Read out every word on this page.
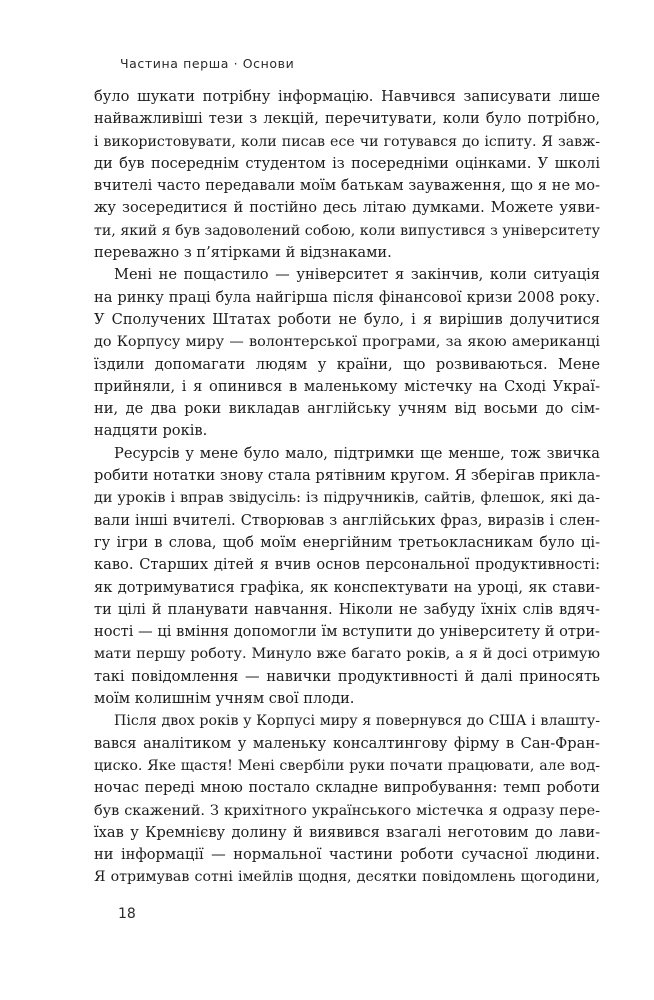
Частина перша · Основи
було шукати потрібну інформацію. Навчився записувати лише
найважливіші тези з лекцій, перечитувати, коли було потрібно,
і використовувати, коли писав есе чи готувався до іспиту. Я завж-
ди був посереднім студентом із посередніми оцінками. У школі
вчителі часто передавали моїм батькам зауваження, що я не мо-
жу зосередитися й постійно десь літаю думками. Можете уяви-
ти, який я був задоволений собою, коли випустився з університету
переважно з п’ятірками й відзнаками.
Мені не пощастило — університет я закінчив, коли ситуація
на ринку праці була найгірша після фінансової кризи 2008 року.
У Сполучених Штатах роботи не було, і я вирішив долучитися
до Корпусу миру — волонтерської програми, за якою американці
їздили допомагати людям у країни, що розвиваються. Мене
прийняли, і я опинився в маленькому містечку на Сході Украї-
ни, де два роки викладав англійську учням від восьми до сім-
надцяти років.
Ресурсів у мене було мало, підтримки ще менше, тож звичка
робити нотатки знову стала рятівним кругом. Я зберігав прикла-
ди уроків і вправ звідусіль: із підручників, сайтів, флешок, які да-
вали інші вчителі. Створював з англійських фраз, виразів і слен-
гу ігри в слова, щоб моїм енергійним третьокласникам було ці-
каво. Старших дітей я вчив основ персональної продуктивності:
як дотримуватися графіка, як конспектувати на уроці, як стави-
ти цілі й планувати навчання. Ніколи не забуду їхніх слів вдяч-
ності — ці вміння допомогли їм вступити до університету й отри-
мати першу роботу. Минуло вже багато років, а я й досі отримую
такі повідомлення — навички продуктивності й далі приносять
моїм колишнім учням свої плоди.
Після двох років у Корпусі миру я повернувся до США і влашту-
вався аналітиком у маленьку консалтингову фірму в Сан-Фран-
циско. Яке щастя! Мені свербіли руки почати працювати, але вод-
ночас переді мною постало складне випробування: темп роботи
був скажений. З крихітного українського містечка я одразу пере-
їхав у Кремнієву долину й виявився взагалі неготовим до лави-
ни інформації — нормальної частини роботи сучасної людини.
Я отримував сотні імейлів щодня, десятки повідомлень щогодини,
18
